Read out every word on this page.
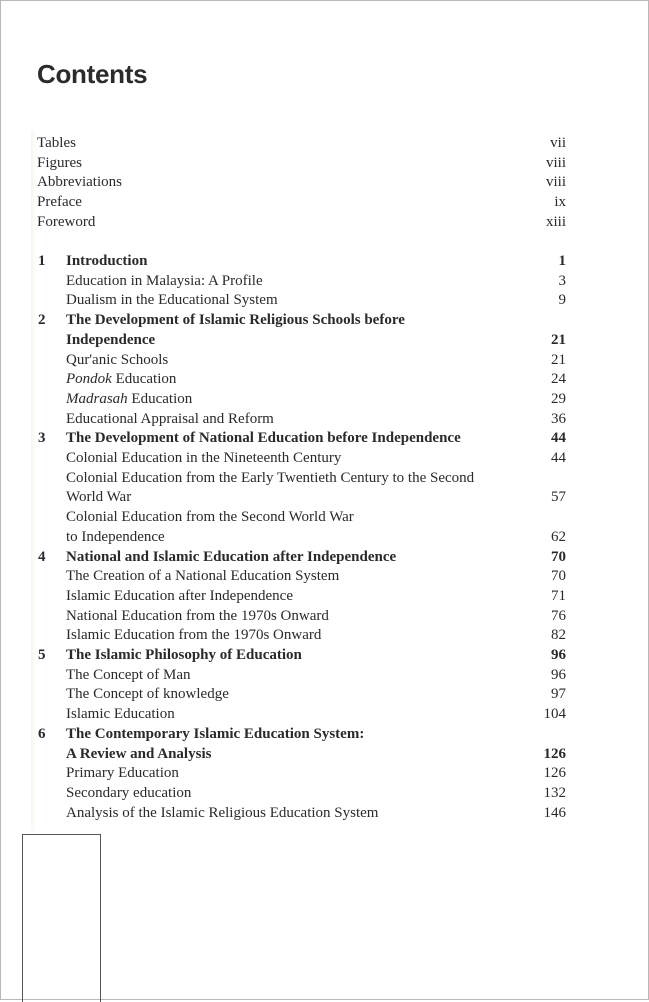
Contents
Tables	vii
Figures	viii
Abbreviations	viii
Preface	ix
Foreword	xiii
1	Introduction	1
Education in Malaysia: A Profile	3
Dualism in the Educational System	9
2	The Development of Islamic Religious Schools before
Independence	21
Qur'anic Schools	21
Pondok Education	24
Madrasah Education	29
Educational Appraisal and Reform	36
3	The Development of National Education before Independence	44
Colonial Education in the Nineteenth Century	44
Colonial Education from the Early Twentieth Century to the Second
World War	57
Colonial Education from the Second World War
to Independence	62
4	National and Islamic Education after Independence	70
The Creation of a National Education System	70
Islamic Education after Independence	71
National Education from the 1970s Onward	76
Islamic Education from the 1970s Onward	82
5	The Islamic Philosophy of Education	96
The Concept of Man	96
The Concept of knowledge	97
Islamic Education	104
6	The Contemporary Islamic Education System:
A Review and Analysis	126
Primary Education	126
Secondary education	132
Analysis of the Islamic Religious Education System	146
